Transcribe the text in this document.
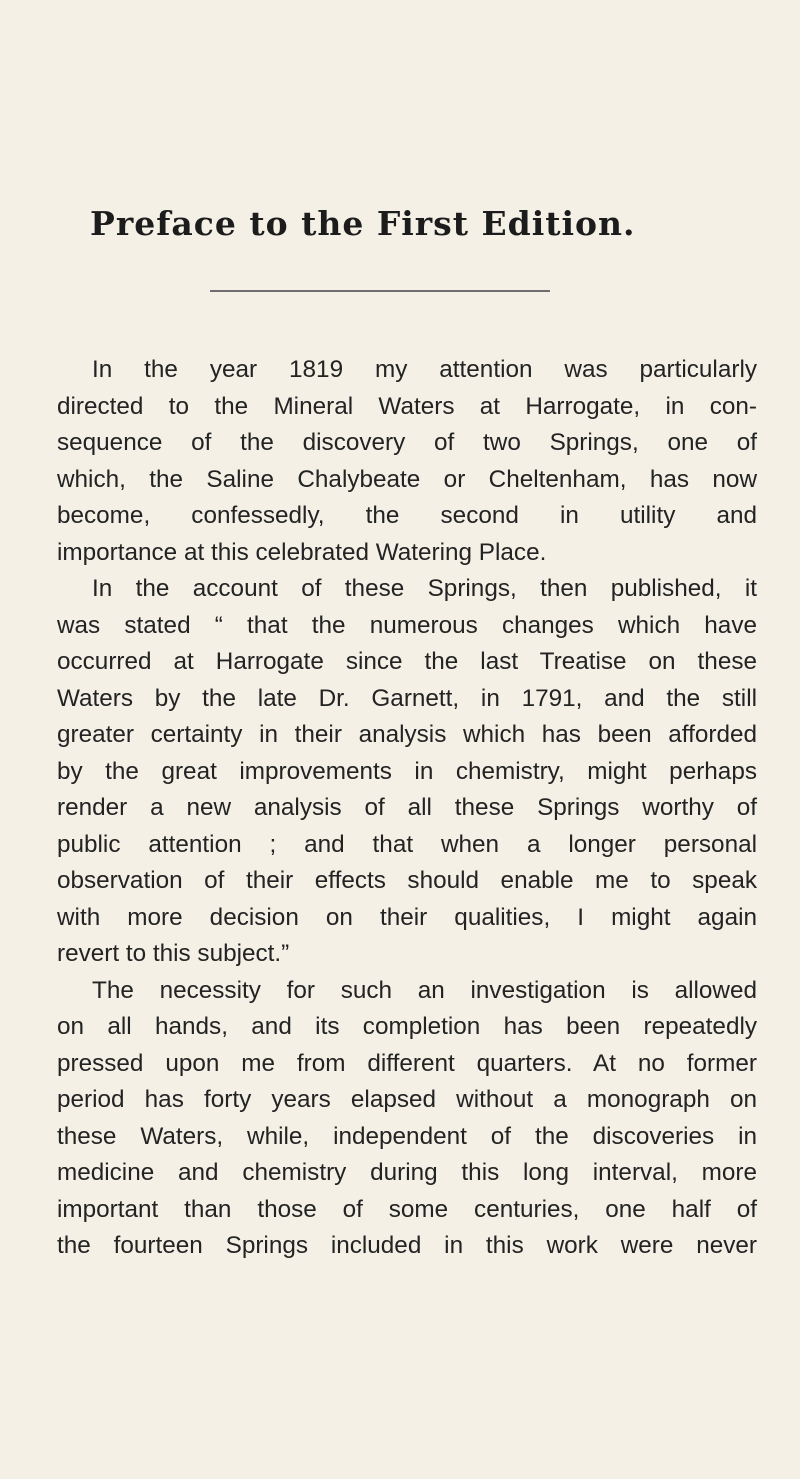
Preface to the First Edition.
In the year 1819 my attention was particularly
directed to the Mineral Waters at Harrogate, in con-
sequence of the discovery of two Springs, one of
which, the Saline Chalybeate or Cheltenham, has now
become, confessedly, the second in utility and
importance at this celebrated Watering Place.
In the account of these Springs, then published, it
was stated “ that the numerous changes which have
occurred at Harrogate since the last Treatise on these
Waters by the late Dr. Garnett, in 1791, and the still
greater certainty in their analysis which has been afforded
by the great improvements in chemistry, might perhaps
render a new analysis of all these Springs worthy of
public attention ; and that when a longer personal
observation of their effects should enable me to speak
with more decision on their qualities, I might again
revert to this subject.”
The necessity for such an investigation is allowed
on all hands, and its completion has been repeatedly
pressed upon me from different quarters. At no former
period has forty years elapsed without a monograph on
these Waters, while, independent of the discoveries in
medicine and chemistry during this long interval, more
important than those of some centuries, one half of
the fourteen Springs included in this work were never
